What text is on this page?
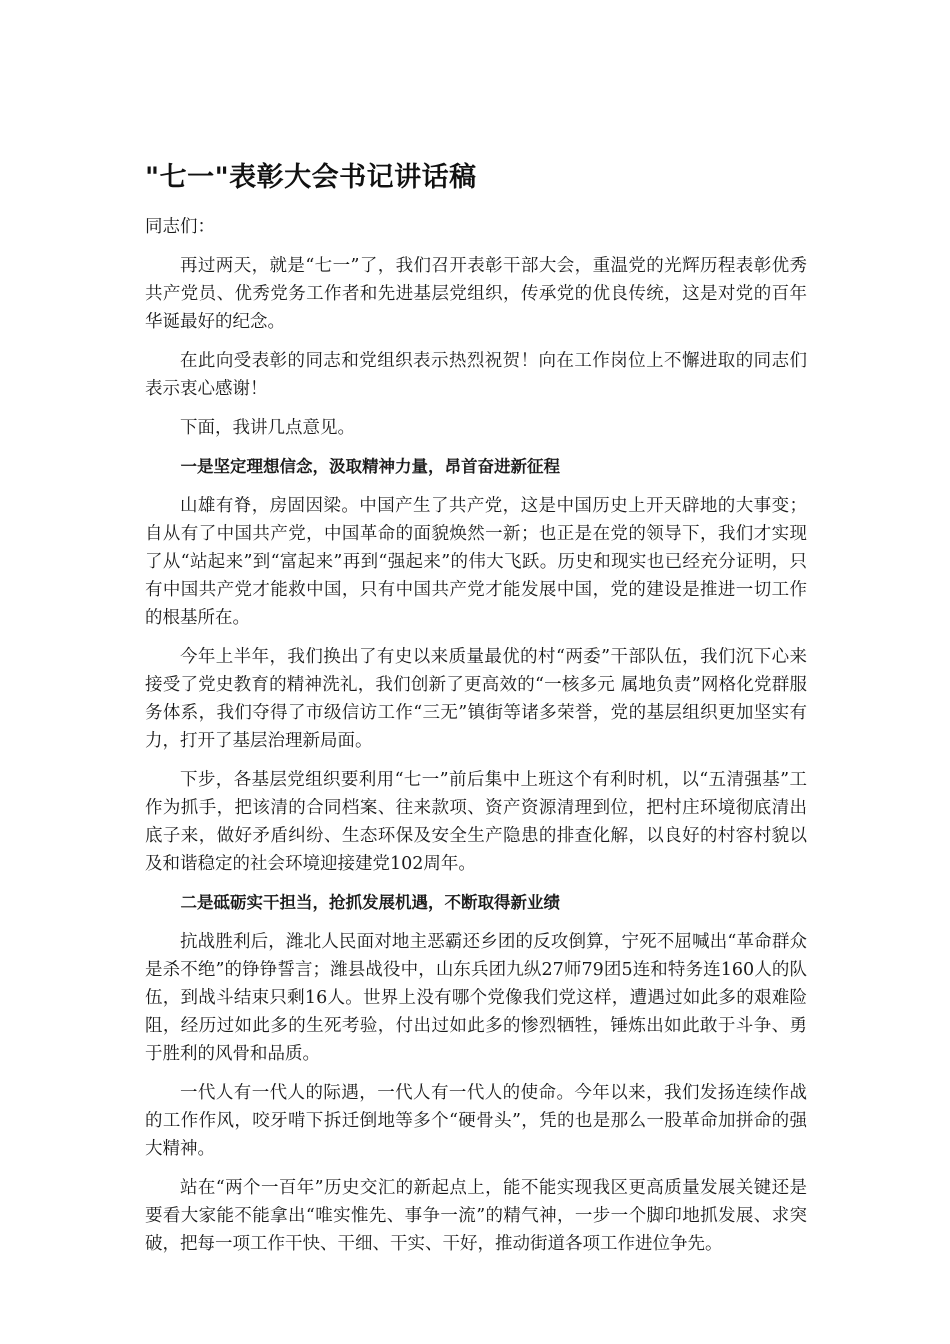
"七一"表彰大会书记讲话稿

同志们：

再过两天，就是“七一”了，我们召开表彰干部大会，重温党的光辉历程表彰优秀共产党员、优秀党务工作者和先进基层党组织，传承党的优良传统，这是对党的百年华诞最好的纪念。

在此向受表彰的同志和党组织表示热烈祝贺！向在工作岗位上不懈进取的同志们表示衷心感谢！

下面，我讲几点意见。

一是坚定理想信念，汲取精神力量，昂首奋进新征程

山雄有脊，房固因梁。中国产生了共产党，这是中国历史上开天辟地的大事变；自从有了中国共产党，中国革命的面貌焕然一新；也正是在党的领导下，我们才实现了从“站起来”到“富起来”再到“强起来”的伟大飞跃。历史和现实也已经充分证明，只有中国共产党才能救中国，只有中国共产党才能发展中国，党的建设是推进一切工作的根基所在。

今年上半年，我们换出了有史以来质量最优的村“两委”干部队伍，我们沉下心来接受了党史教育的精神洗礼，我们创新了更高效的“一核多元 属地负责”网格化党群服务体系，我们夺得了市级信访工作“三无”镇街等诸多荣誉，党的基层组织更加坚实有力，打开了基层治理新局面。

下步，各基层党组织要利用“七一”前后集中上班这个有利时机，以“五清强基”工作为抓手，把该清的合同档案、往来款项、资产资源清理到位，把村庄环境彻底清出底子来，做好矛盾纠纷、生态环保及安全生产隐患的排查化解，以良好的村容村貌以及和谐稳定的社会环境迎接建党102周年。

二是砥砺实干担当，抢抓发展机遇，不断取得新业绩

抗战胜利后，潍北人民面对地主恶霸还乡团的反攻倒算，宁死不屈喊出“革命群众是杀不绝”的铮铮誓言；潍县战役中，山东兵团九纵27师79团5连和特务连160人的队伍，到战斗结束只剩16人。世界上没有哪个党像我们党这样，遭遇过如此多的艰难险阻，经历过如此多的生死考验，付出过如此多的惨烈牺牲，锤炼出如此敢于斗争、勇于胜利的风骨和品质。

一代人有一代人的际遇，一代人有一代人的使命。今年以来，我们发扬连续作战的工作作风，咬牙啃下拆迁倒地等多个“硬骨头”，凭的也是那么一股革命加拼命的强大精神。

站在“两个一百年”历史交汇的新起点上，能不能实现我区更高质量发展关键还是要看大家能不能拿出“唯实惟先、事争一流”的精气神，一步一个脚印地抓发展、求突破，把每一项工作干快、干细、干实、干好，推动街道各项工作进位争先。
